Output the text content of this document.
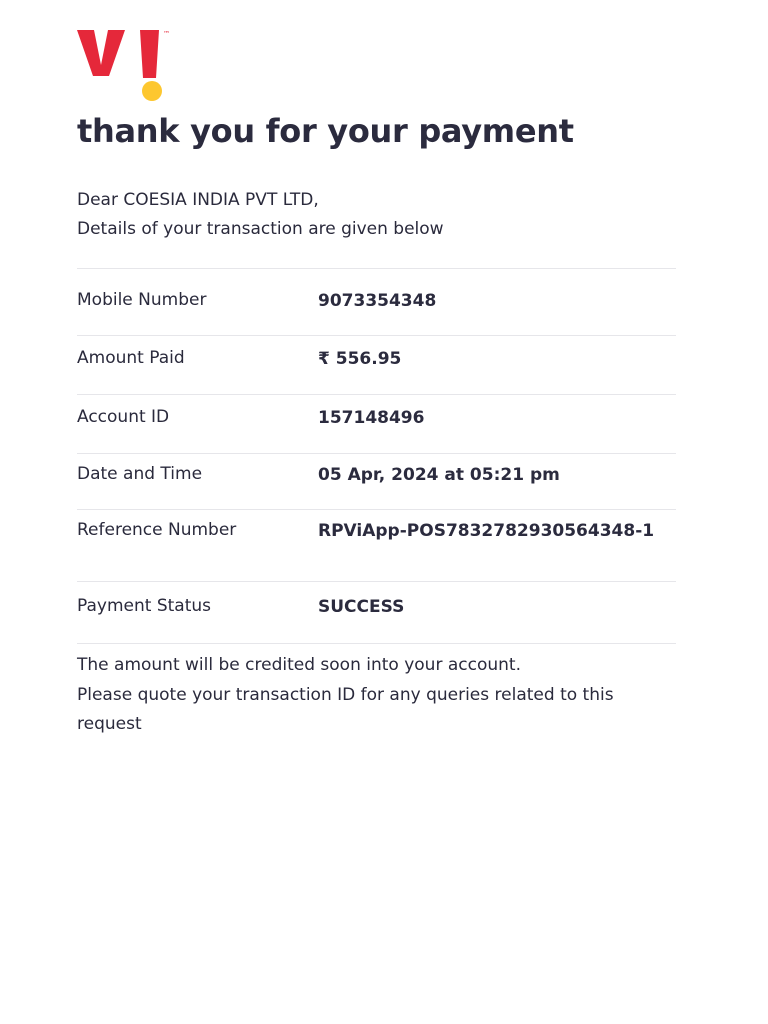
™
thank you for your payment
Dear COESIA INDIA PVT LTD,
Details of your transaction are given below
Mobile Number	9073354348
Amount Paid	₹ 556.95
Account ID	157148496
Date and Time	05 Apr, 2024 at 05:21 pm
Reference Number	RPViApp-POS7832782930564348-1
Payment Status	SUCCESS
The amount will be credited soon into your account.
Please quote your transaction ID for any queries related to this request
